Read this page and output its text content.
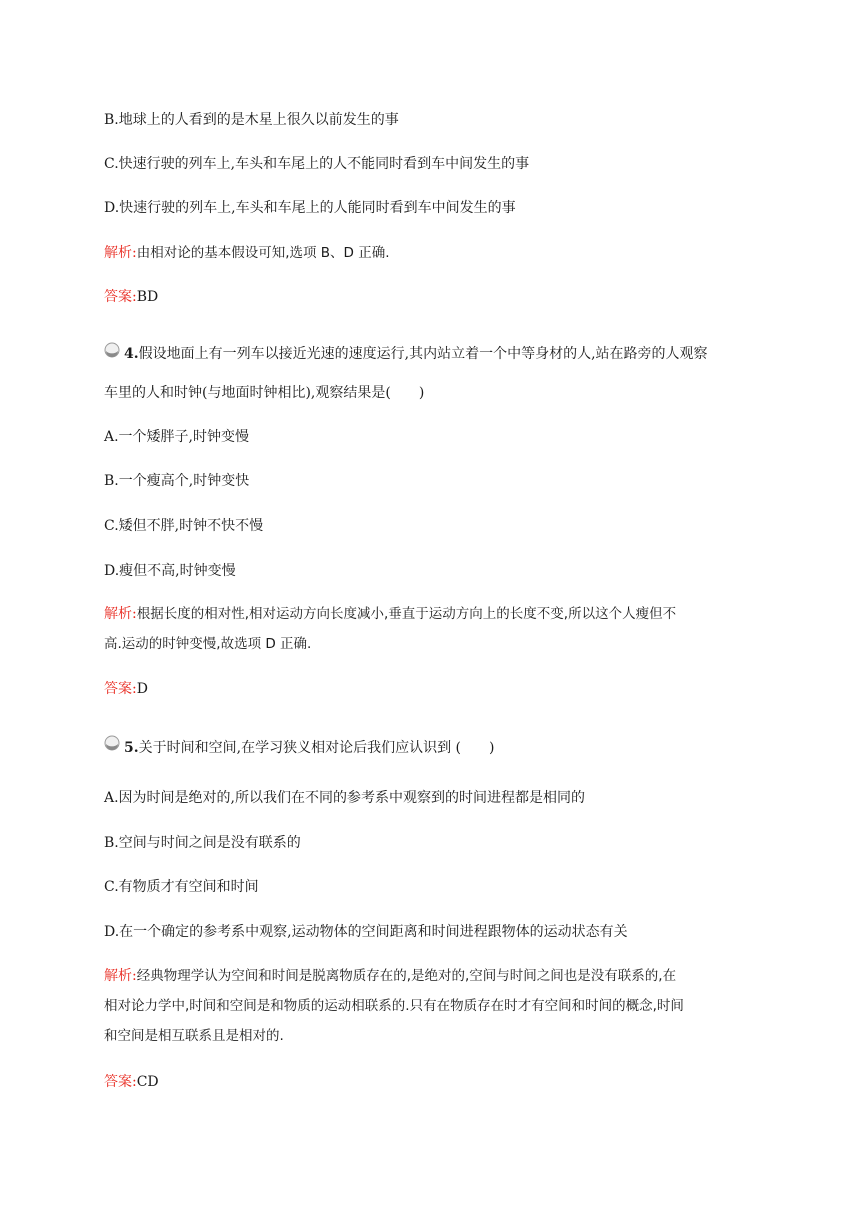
B.地球上的人看到的是木星上很久以前发生的事
C.快速行驶的列车上,车头和车尾上的人不能同时看到车中间发生的事
D.快速行驶的列车上,车头和车尾上的人能同时看到车中间发生的事
解析:由相对论的基本假设可知,选项 B、D 正确.
答案:BD
4.假设地面上有一列车以接近光速的速度运行,其内站立着一个中等身材的人,站在路旁的人观察
车里的人和时钟(与地面时钟相比),观察结果是(　　)
A.一个矮胖子,时钟变慢
B.一个瘦高个,时钟变快
C.矮但不胖,时钟不快不慢
D.瘦但不高,时钟变慢
解析:根据长度的相对性,相对运动方向长度减小,垂直于运动方向上的长度不变,所以这个人瘦但不
高.运动的时钟变慢,故选项 D 正确.
答案:D
5.关于时间和空间,在学习狭义相对论后我们应认识到 (　　)
A.因为时间是绝对的,所以我们在不同的参考系中观察到的时间进程都是相同的
B.空间与时间之间是没有联系的
C.有物质才有空间和时间
D.在一个确定的参考系中观察,运动物体的空间距离和时间进程跟物体的运动状态有关
解析:经典物理学认为空间和时间是脱离物质存在的,是绝对的,空间与时间之间也是没有联系的,在
相对论力学中,时间和空间是和物质的运动相联系的.只有在物质存在时才有空间和时间的概念,时间
和空间是相互联系且是相对的.
答案:CD
